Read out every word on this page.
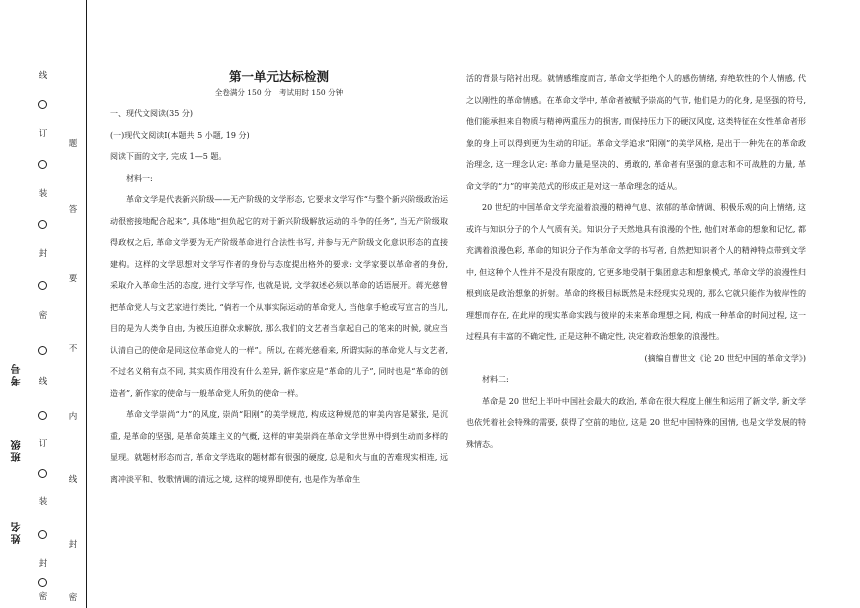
线
订
装
封
密
线
订
装
封
密
题
答
要
不
内
线
封
密
考号
班级
姓名
第一单元达标检测
全卷满分 150 分　考试用时 150 分钟

一、现代文阅读(35 分)

(一)现代文阅读Ⅰ(本题共 5 小题, 19 分)

阅读下面的文字, 完成 1—5 题。

材料一:

革命文学是代表新兴阶级——无产阶级的文学形态, 它要求文学写作“与整个新兴阶级政治运动很密接地配合起来”, 具体地“担负起它的对于新兴阶级解放运动的斗争的任务”, 当无产阶级取得政权之后, 革命文学要为无产阶级革命进行合法性书写, 并参与无产阶级文化意识形态的直接建构。这样的文学思想对文学写作者的身份与态度提出格外的要求: 文学家要以革命者的身份, 采取介入革命生活的态度, 进行文学写作, 也就是说, 文学叙述必须以革命的话语展开。蒋光慈曾把革命党人与文艺家进行类比, “倘若一个从事实际运动的革命党人, 当他拿手枪或写宣言的当儿, 目的是为人类争自由, 为被压迫群众求解放, 那么我们的文艺者当拿起自己的笔来的时候, 就应当认清自己的使命是同这位革命党人的一样”。所以, 在蒋光慈看来, 所谓实际的革命党人与文艺者, 不过名义稍有点不同, 其实质作用没有什么差异, 新作家应是“革命的儿子”, 同时也是“革命的创造者”, 新作家的使命与一般革命党人所负的使命一样。

革命文学崇尚“力”的风度, 崇尚“阳刚”的美学规范, 构成这种规范的审美内容是紧张, 是沉重, 是革命的坚强, 是革命英雄主义的气概, 这样的审美崇尚在革命文学世界中得到生动而多样的显现。就题材形态而言, 革命文学选取的题材都有很强的硬度, 总是和火与血的苦难现实相连, 远离冲淡平和、牧歌情调的清远之境, 这样的境界即使有, 也是作为革命生

活的背景与陪衬出现。就情感维度而言, 革命文学拒绝个人的感伤情绪, 弃绝软性的个人情感, 代之以刚性的革命情感。在革命文学中, 革命者被赋予崇高的气节, 他们是力的化身, 是坚强的符号, 他们能承担来自物质与精神两重压力的损害, 而保持压力下的硬汉风度, 这类特征在女性革命者形象的身上可以得到更为生动的印证。革命文学追求“阳刚”的美学风格, 是出于一种先在的革命政治理念, 这一理念认定: 革命力量是坚决的、勇敢的, 革命者有坚强的意志和不可战胜的力量, 革命文学的“力”的审美范式的形成正是对这一革命理念的适从。

20 世纪的中国革命文学充溢着浪漫的精神气息、浓郁的革命情调、积极乐观的向上情绪, 这或许与知识分子的个人气质有关。知识分子天然地具有浪漫的个性, 他们对革命的想象和记忆, 都充满着浪漫色彩, 革命的知识分子作为革命文学的书写者, 自然把知识者个人的精神特点带到文学中, 但这种个人性并不是没有限度的, 它更多地受制于集团意志和想象模式, 革命文学的浪漫性归根到底是政治想象的折射。革命的终极目标既然是未经现实兑现的, 那么它就只能作为彼岸性的理想而存在, 在此岸的现实革命实践与彼岸的未来革命理想之间, 构成一种革命的时间过程, 这一过程具有丰富的不确定性, 正是这种不确定性, 决定着政治想象的浪漫性。

(摘编自曹世文《论 20 世纪中国的革命文学》)

材料二:

革命是 20 世纪上半叶中国社会最大的政治, 革命在很大程度上催生和运用了新文学, 新文学也依凭着社会特殊的需要, 获得了空前的地位, 这是 20 世纪中国特殊的国情, 也是文学发展的特殊情态。
